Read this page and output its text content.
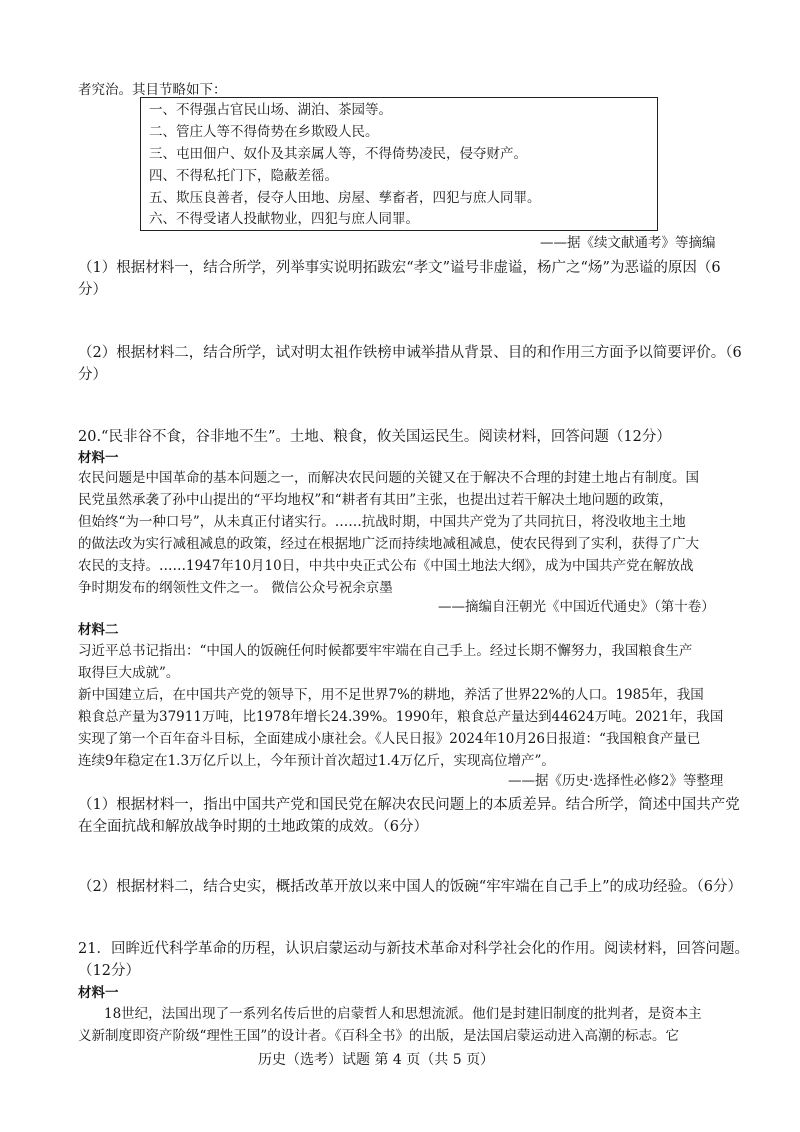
者究治。其目节略如下：
一、不得强占官民山场、湖泊、茶园等。
二、管庄人等不得倚势在乡欺殴人民。
三、屯田佃户、奴仆及其亲属人等，不得倚势凌民，侵夺财产。
四、不得私托门下，隐蔽差徭。
五、欺压良善者，侵夺人田地、房屋、孳畜者，四犯与庶人同罪。
六、不得受诸人投献物业，四犯与庶人同罪。
——据《续文献通考》等摘编
（1）根据材料一，结合所学，列举事实说明拓跋宏“孝文”谥号非虚谥，杨广之“炀”为恶谥的原因（6
分）
（2）根据材料二，结合所学，试对明太祖作铁榜申诫举措从背景、目的和作用三方面予以简要评价。（6
分）
20.“民非谷不食，谷非地不生”。土地、粮食，攸关国运民生。阅读材料，回答问题（12分）
材料一
农民问题是中国革命的基本问题之一，而解决农民问题的关键又在于解决不合理的封建土地占有制度。国
民党虽然承袭了孙中山提出的“平均地权”和“耕者有其田”主张，也提出过若干解决土地问题的政策，
但始终“为一种口号”，从未真正付诸实行。……抗战时期，中国共产党为了共同抗日，将没收地主土地
的做法改为实行减租减息的政策，经过在根据地广泛而持续地减租减息，使农民得到了实利，获得了广大
农民的支持。……1947年10月10日，中共中央正式公布《中国土地法大纲》，成为中国共产党在解放战
争时期发布的纲领性文件之一。 微信公众号祝余京墨
——摘编自汪朝光《中国近代通史》（第十卷）
材料二
习近平总书记指出：“中国人的饭碗任何时候都要牢牢端在自己手上。经过长期不懈努力，我国粮食生产
取得巨大成就”。
新中国建立后，在中国共产党的领导下，用不足世界7%的耕地，养活了世界22%的人口。1985年，我国
粮食总产量为37911万吨，比1978年增长24.39%。1990年，粮食总产量达到44624万吨。2021年，我国
实现了第一个百年奋斗目标，全面建成小康社会。《人民日报》2024年10月26日报道：“我国粮食产量已
连续9年稳定在1.3万亿斤以上，今年预计首次超过1.4万亿斤，实现高位增产”。
——据《历史·选择性必修2》等整理
（1）根据材料一，指出中国共产党和国民党在解决农民问题上的本质差异。结合所学，简述中国共产党
在全面抗战和解放战争时期的土地政策的成效。（6分）
（2）根据材料二，结合史实，概括改革开放以来中国人的饭碗“牢牢端在自己手上”的成功经验。（6分）
21．回眸近代科学革命的历程，认识启蒙运动与新技术革命对科学社会化的作用。阅读材料，回答问题。
（12分）
材料一
18世纪，法国出现了一系列名传后世的启蒙哲人和思想流派。他们是封建旧制度的批判者，是资本主
义新制度即资产阶级“理性王国”的设计者。《百科全书》的出版，是法国启蒙运动进入高潮的标志。它
历史（选考）试题 第 4 页（共 5 页）
